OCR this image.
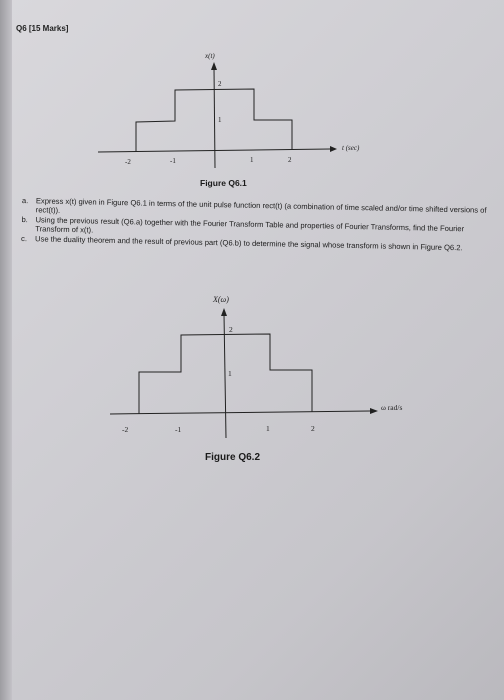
Q6 [15 Marks]
x(t)
t (sec)
2
1
-2	-1	1	2
Figure Q6.1
a. Express x(t) given in Figure Q6.1 in terms of the unit pulse function rect(t) (a combination of time scaled and/or time shifted versions of rect(t)).
b. Using the previous result (Q6.a) together with the Fourier Transform Table and properties of Fourier Transforms, find the Fourier Transform of x(t).
c.	Use the duality theorem and the result of previous part (Q6.b) to determine the signal whose transform is shown in Figure Q6.2.
X(ω)
ω rad/s
2
1
-2	-1	1	2
Figure Q6.2
